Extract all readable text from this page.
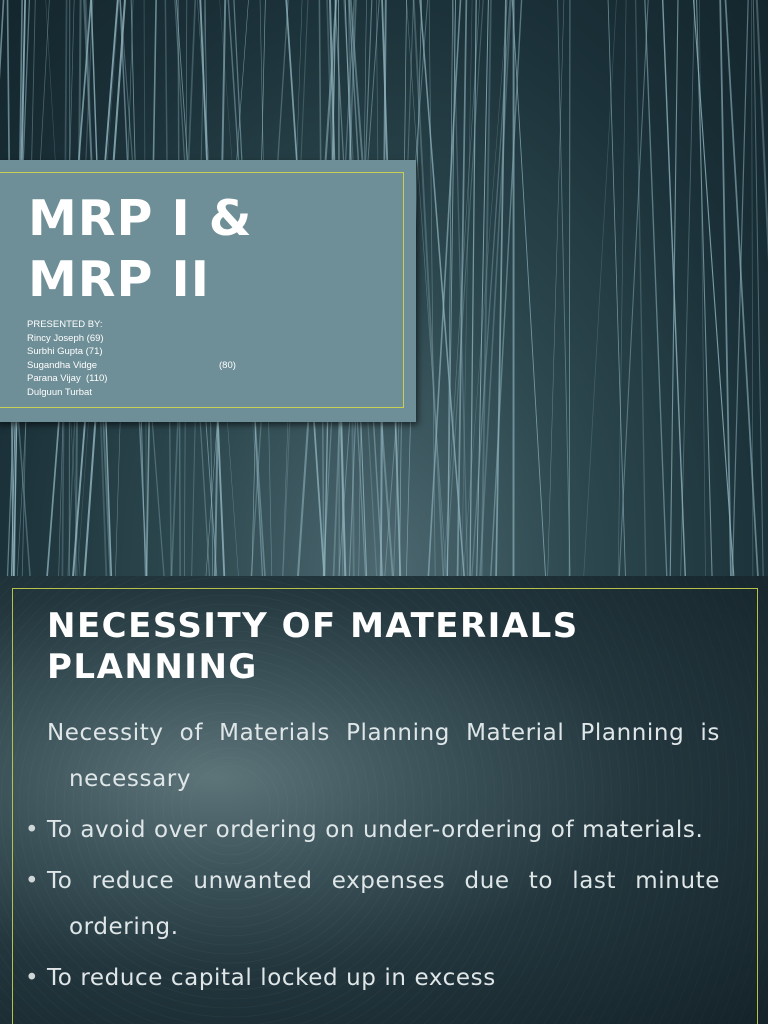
MRP I &
MRP II
PRESENTED BY:
Rincy Joseph (69)
Surbhi Gupta (71)
Sugandha Vidge	(80)
Parana Vijay  (110)
Dulguun Turbat
NECESSITY OF MATERIALS
PLANNING

Necessity of Materials Planning Material Planning is necessary

• To avoid over ordering on under-ordering of materials.

• To reduce unwanted expenses due to last minute ordering.

• To reduce capital locked up in excess
